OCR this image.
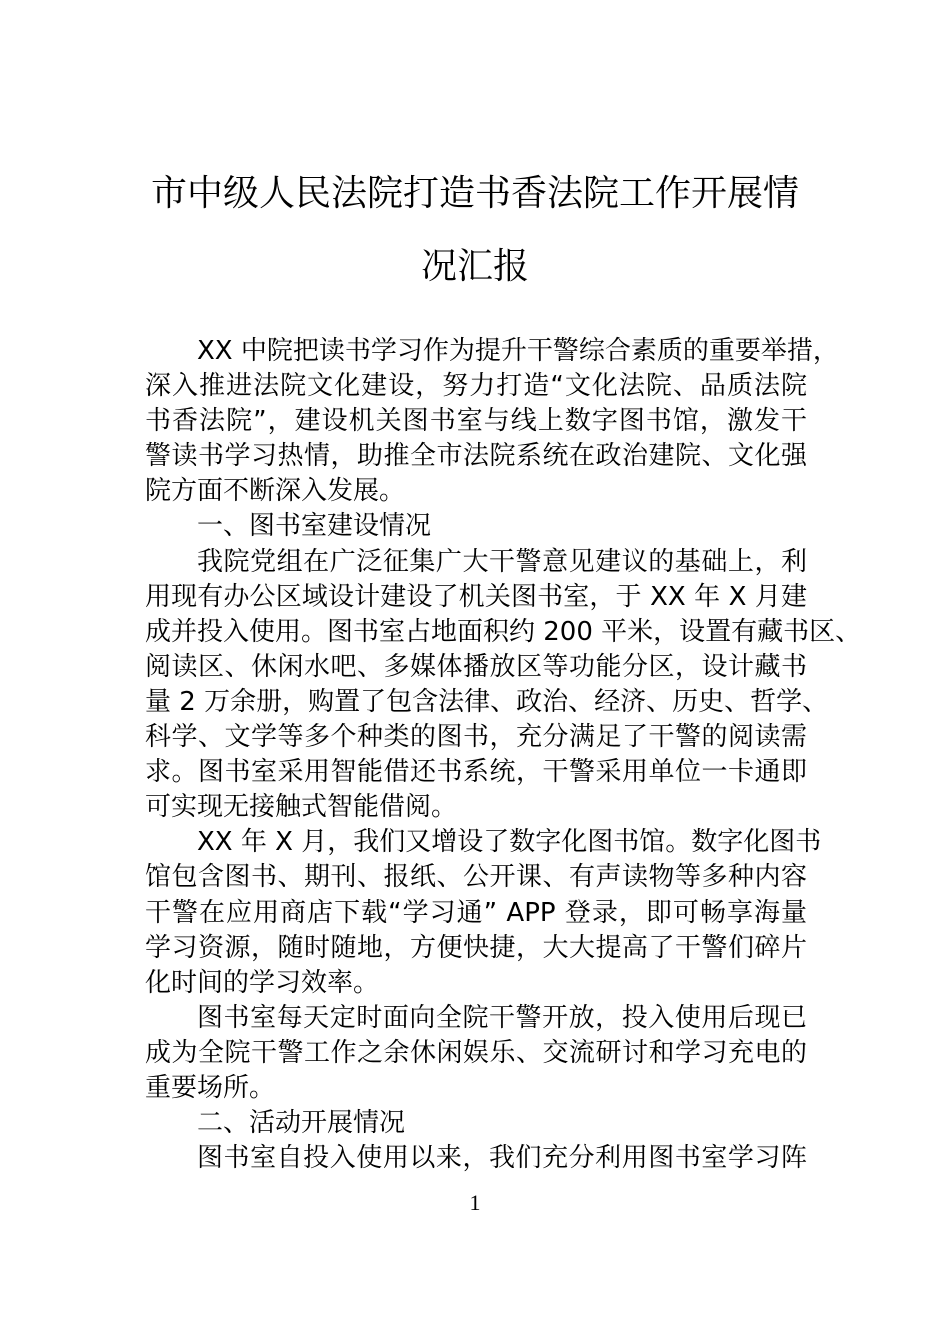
市中级人民法院打造书香法院工作开展情
况汇报
XX 中院把读书学习作为提升干警综合素质的重要举措，
深入推进法院文化建设，努力打造“文化法院、品质法院
书香法院”，建设机关图书室与线上数字图书馆，激发干
警读书学习热情，助推全市法院系统在政治建院、文化强
院方面不断深入发展。
一、图书室建设情况
我院党组在广泛征集广大干警意见建议的基础上，利
用现有办公区域设计建设了机关图书室，于 XX 年 X 月建
成并投入使用。图书室占地面积约 200 平米，设置有藏书区、
阅读区、休闲水吧、多媒体播放区等功能分区，设计藏书
量 2 万余册，购置了包含法律、政治、经济、历史、哲学、
科学、文学等多个种类的图书，充分满足了干警的阅读需
求。图书室采用智能借还书系统，干警采用单位一卡通即
可实现无接触式智能借阅。
XX 年 X 月，我们又增设了数字化图书馆。数字化图书
馆包含图书、期刊、报纸、公开课、有声读物等多种内容
干警在应用商店下载“学习通” APP 登录，即可畅享海量
学习资源，随时随地，方便快捷，大大提高了干警们碎片
化时间的学习效率。
图书室每天定时面向全院干警开放，投入使用后现已
成为全院干警工作之余休闲娱乐、交流研讨和学习充电的
重要场所。
二、活动开展情况
图书室自投入使用以来，我们充分利用图书室学习阵
1
